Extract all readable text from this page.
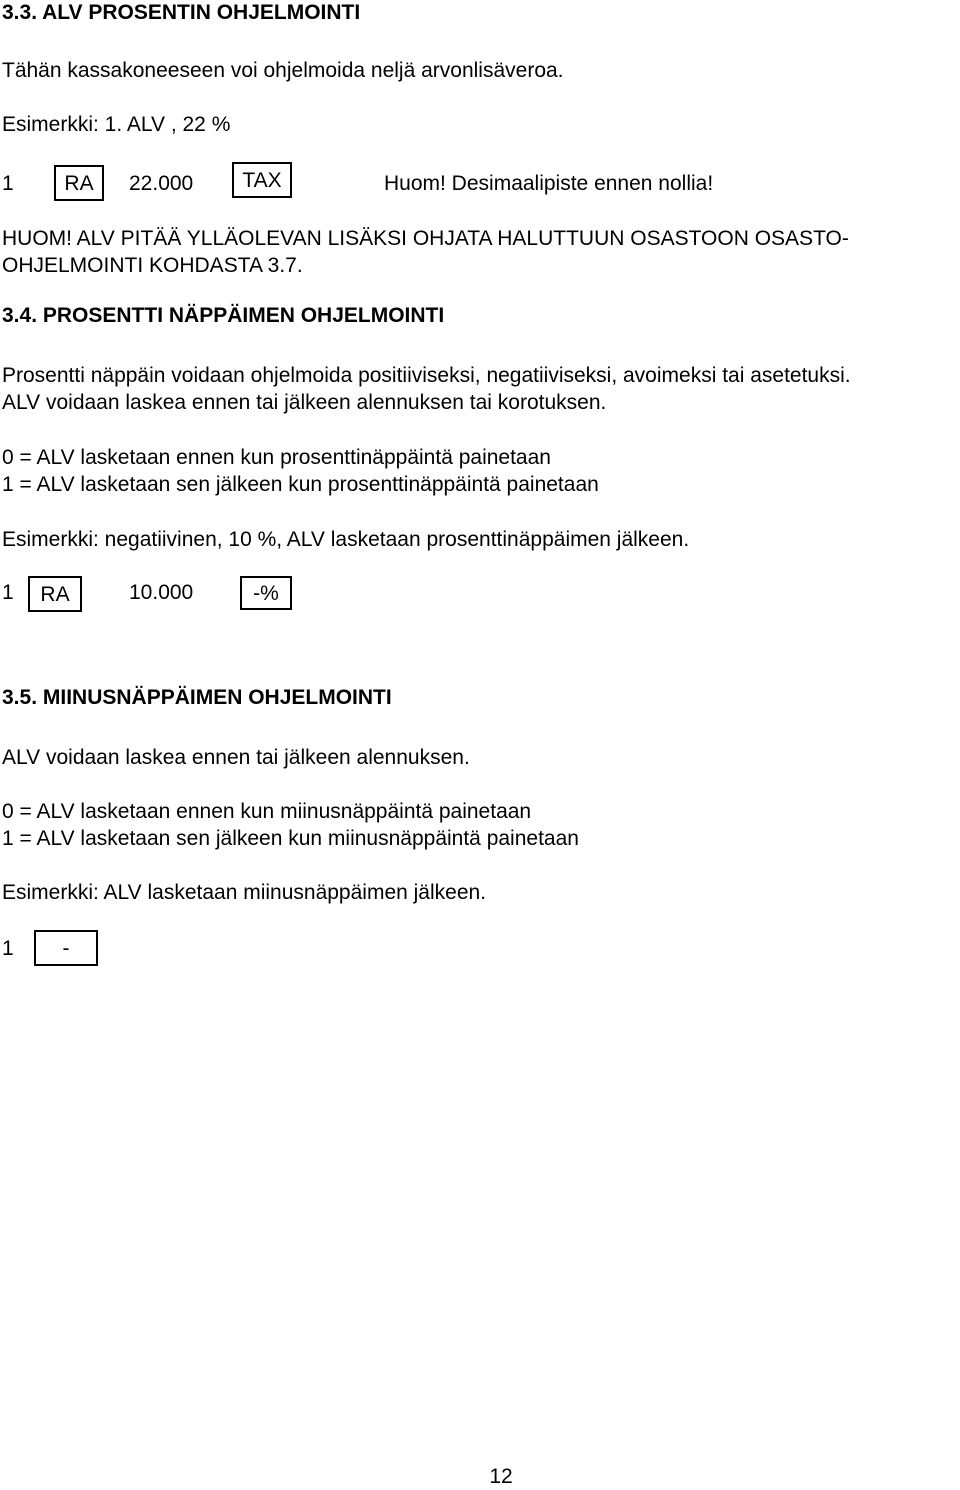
3.3. ALV PROSENTIN OHJELMOINTI
Tähän kassakoneeseen voi ohjelmoida neljä arvonlisäveroa.
Esimerkki: 1. ALV , 22 %
1 RA 22.000 TAX	Huom! Desimaalipiste ennen nollia!
HUOM! ALV PITÄÄ YLLÄOLEVAN LISÄKSI OHJATA HALUTTUUN OSASTOON OSASTO-
OHJELMOINTI KOHDASTA 3.7.
3.4. PROSENTTI NÄPPÄIMEN OHJELMOINTI
Prosentti näppäin voidaan ohjelmoida positiiviseksi, negatiiviseksi, avoimeksi tai asetetuksi.
ALV voidaan laskea ennen tai jälkeen alennuksen tai korotuksen.
0 = ALV lasketaan ennen kun prosenttinäppäintä painetaan
1 = ALV lasketaan sen jälkeen kun prosenttinäppäintä painetaan
Esimerkki: negatiivinen, 10 %, ALV lasketaan prosenttinäppäimen jälkeen.
1 RA	10.000	-%
3.5. MIINUSNÄPPÄIMEN OHJELMOINTI
ALV voidaan laskea ennen tai jälkeen alennuksen.
0 = ALV lasketaan ennen kun miinusnäppäintä painetaan
1 = ALV lasketaan sen jälkeen kun miinusnäppäintä painetaan
Esimerkki: ALV lasketaan miinusnäppäimen jälkeen.
1 -
12
